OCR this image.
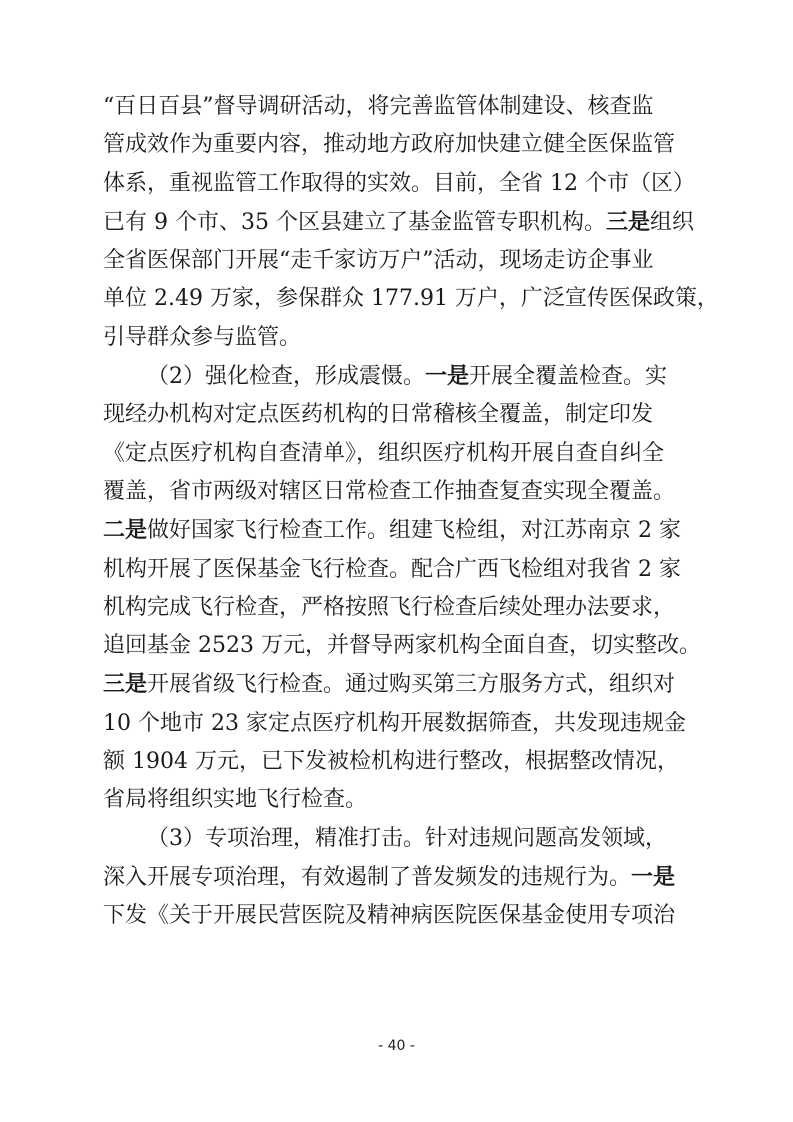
“百日百县”督导调研活动，将完善监管体制建设、核查监
管成效作为重要内容，推动地方政府加快建立健全医保监管
体系，重视监管工作取得的实效。目前，全省 12 个市（区）
已有 9 个市、35 个区县建立了基金监管专职机构。三是组织
全省医保部门开展“走千家访万户”活动，现场走访企事业
单位 2.49 万家，参保群众 177.91 万户，广泛宣传医保政策，
引导群众参与监管。

（2）强化检查，形成震慑。一是开展全覆盖检查。实
现经办机构对定点医药机构的日常稽核全覆盖，制定印发
《定点医疗机构自查清单》，组织医疗机构开展自查自纠全
覆盖，省市两级对辖区日常检查工作抽查复查实现全覆盖。
二是做好国家飞行检查工作。组建飞检组，对江苏南京 2 家
机构开展了医保基金飞行检查。配合广西飞检组对我省 2 家
机构完成飞行检查，严格按照飞行检查后续处理办法要求，
追回基金 2523 万元，并督导两家机构全面自查，切实整改。
三是开展省级飞行检查。通过购买第三方服务方式，组织对
10 个地市 23 家定点医疗机构开展数据筛查，共发现违规金
额 1904 万元，已下发被检机构进行整改，根据整改情况，
省局将组织实地飞行检查。

（3）专项治理，精准打击。针对违规问题高发领域，
深入开展专项治理，有效遏制了普发频发的违规行为。一是
下发《关于开展民营医院及精神病医院医保基金使用专项治

- 40 -
